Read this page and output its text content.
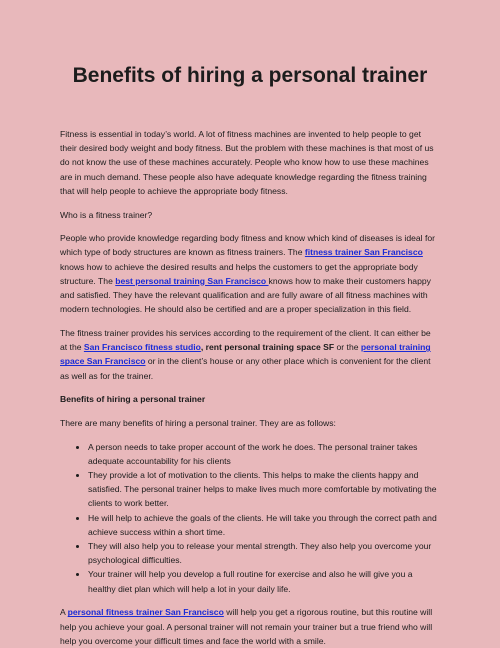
Benefits of hiring a personal trainer

Fitness is essential in today’s world. A lot of fitness machines are invented to help people to get their desired body weight and body fitness. But the problem with these machines is that most of us do not know the use of these machines accurately. People who know how to use these machines are in much demand. These people also have adequate knowledge regarding the fitness training that will help people to achieve the appropriate body fitness.

Who is a fitness trainer?

People who provide knowledge regarding body fitness and know which kind of diseases is ideal for which type of body structures are known as fitness trainers. The fitness trainer San Francisco knows how to achieve the desired results and helps the customers to get the appropriate body structure. The best personal training San Francisco knows how to make their customers happy and satisfied. They have the relevant qualification and are fully aware of all fitness machines with modern technologies. He should also be certified and are a proper specialization in this field.

The fitness trainer provides his services according to the requirement of the client. It can either be at the San Francisco fitness studio, rent personal training space SF or the personal training space San Francisco or in the client’s house or any other place which is convenient for the client as well as for the trainer.

Benefits of hiring a personal trainer

There are many benefits of hiring a personal trainer. They are as follows:

• A person needs to take proper account of the work he does. The personal trainer takes adequate accountability for his clients
• They provide a lot of motivation to the clients. This helps to make the clients happy and satisfied. The personal trainer helps to make lives much more comfortable by motivating the clients to work better.
• He will help to achieve the goals of the clients. He will take you through the correct path and achieve success within a short time.
• They will also help you to release your mental strength. They also help you overcome your psychological difficulties.
• Your trainer will help you develop a full routine for exercise and also he will give you a healthy diet plan which will help a lot in your daily life.

A personal fitness trainer San Francisco will help you get a rigorous routine, but this routine will help you achieve your goal. A personal trainer will not remain your trainer but a true friend who will help you overcome your difficult times and face the world with a smile.
